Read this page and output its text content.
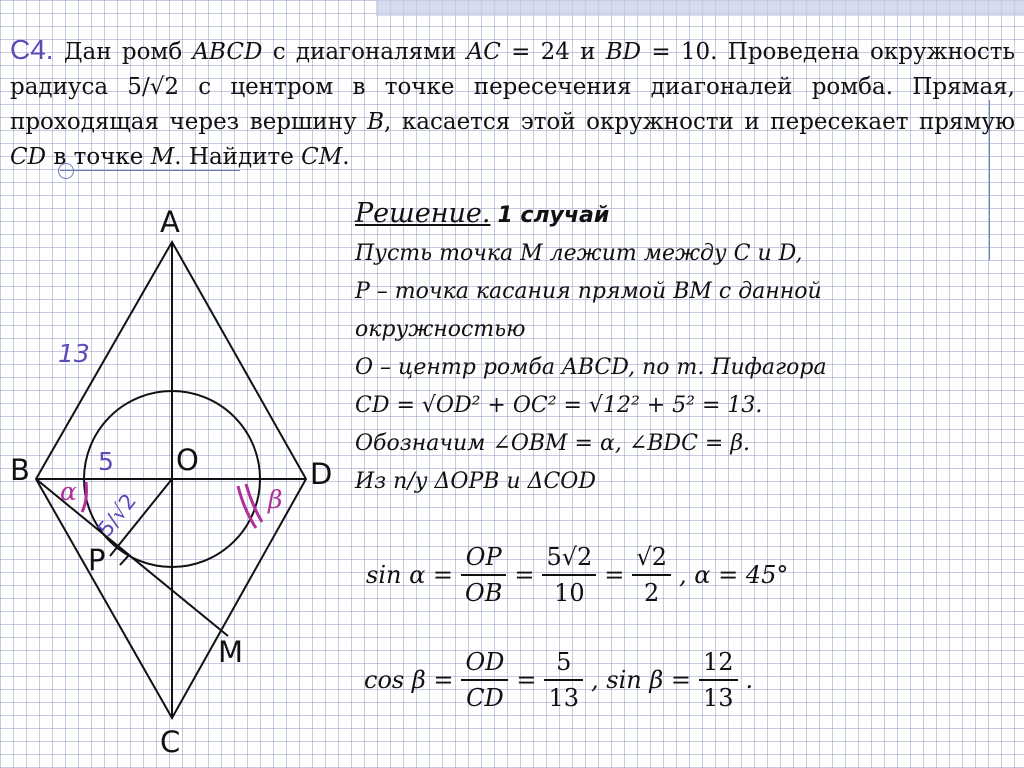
C4. Дан ромб ABCD с диагоналями AC = 24 и BD = 10. Проведена окружность радиуса 5/√2 с центром в точке пересечения диагоналей ромба. Прямая, проходящая через вершину B, касается этой окружности и пересекает прямую CD в точке M. Найдите CM.
Решение. 1 случай
Пусть точка M лежит между C и D,
P – точка касания прямой BM с данной
окружностью
O – центр ромба ABCD, по т. Пифагора
CD = √OD² + OC² = √12² + 5² = 13.
Обозначим ∠OBM = α, ∠BDC = β.
Из п/у ΔOPB и ΔCOD
$\sin \alpha = \frac{OP}{OB} = \frac{5√2}{10} = \frac{√2}{2}$ , α = 45°
$\cos \beta = \frac{OD}{CD} = \frac{5}{13}$ , $\sin \beta = \frac{12}{13}$ .
A
B
C
D
O
P
M
13
5
5/√2
α	β
